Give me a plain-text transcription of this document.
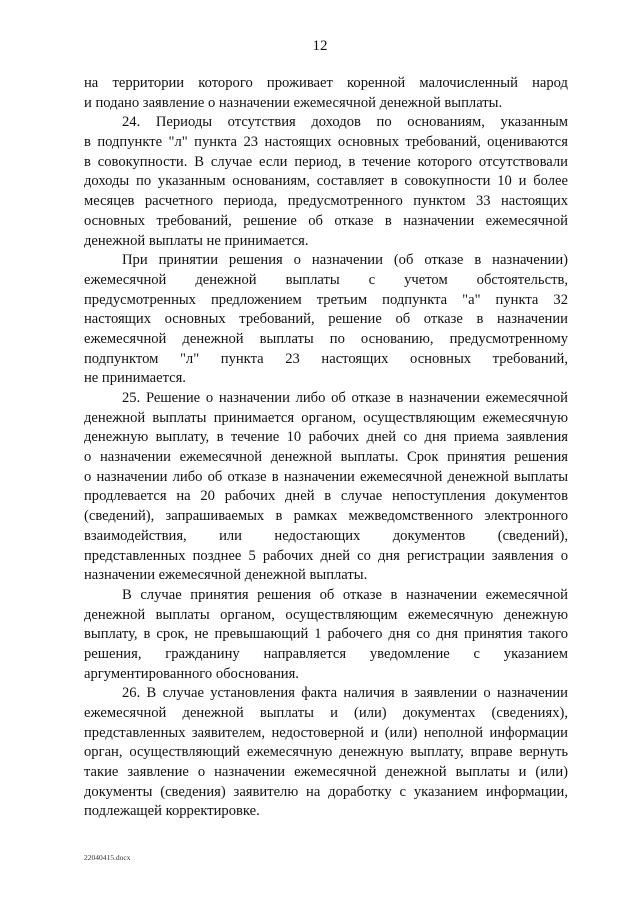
12
на территории которого проживает коренной малочисленный народ
и подано заявление о назначении ежемесячной денежной выплаты.
24. Периоды отсутствия доходов по основаниям, указанным
в подпункте "л" пункта 23 настоящих основных требований, оцениваются
в совокупности. В случае если период, в течение которого отсутствовали
доходы по указанным основаниям, составляет в совокупности 10 и более
месяцев расчетного периода, предусмотренного пунктом 33 настоящих
основных требований, решение об отказе в назначении ежемесячной
денежной выплаты не принимается.
При принятии решения о назначении (об отказе в назначении)
ежемесячной денежной выплаты с учетом обстоятельств,
предусмотренных предложением третьим подпункта "а" пункта 32
настоящих основных требований, решение об отказе в назначении
ежемесячной денежной выплаты по основанию, предусмотренному
подпунктом "л" пункта 23 настоящих основных требований,
не принимается.
25. Решение о назначении либо об отказе в назначении ежемесячной
денежной выплаты принимается органом, осуществляющим ежемесячную
денежную выплату, в течение 10 рабочих дней со дня приема заявления
о назначении ежемесячной денежной выплаты. Срок принятия решения
о назначении либо об отказе в назначении ежемесячной денежной выплаты
продлевается на 20 рабочих дней в случае непоступления документов
(сведений), запрашиваемых в рамках межведомственного электронного
взаимодействия, или недостающих документов (сведений),
представленных позднее 5 рабочих дней со дня регистрации заявления о
назначении ежемесячной денежной выплаты.
В случае принятия решения об отказе в назначении ежемесячной
денежной выплаты органом, осуществляющим ежемесячную денежную
выплату, в срок, не превышающий 1 рабочего дня со дня принятия такого
решения, гражданину направляется уведомление с указанием
аргументированного обоснования.
26. В случае установления факта наличия в заявлении о назначении
ежемесячной денежной выплаты и (или) документах (сведениях),
представленных заявителем, недостоверной и (или) неполной информации
орган, осуществляющий ежемесячную денежную выплату, вправе вернуть
такие заявление о назначении ежемесячной денежной выплаты и (или)
документы (сведения) заявителю на доработку с указанием информации,
подлежащей корректировке.
22040415.docx
